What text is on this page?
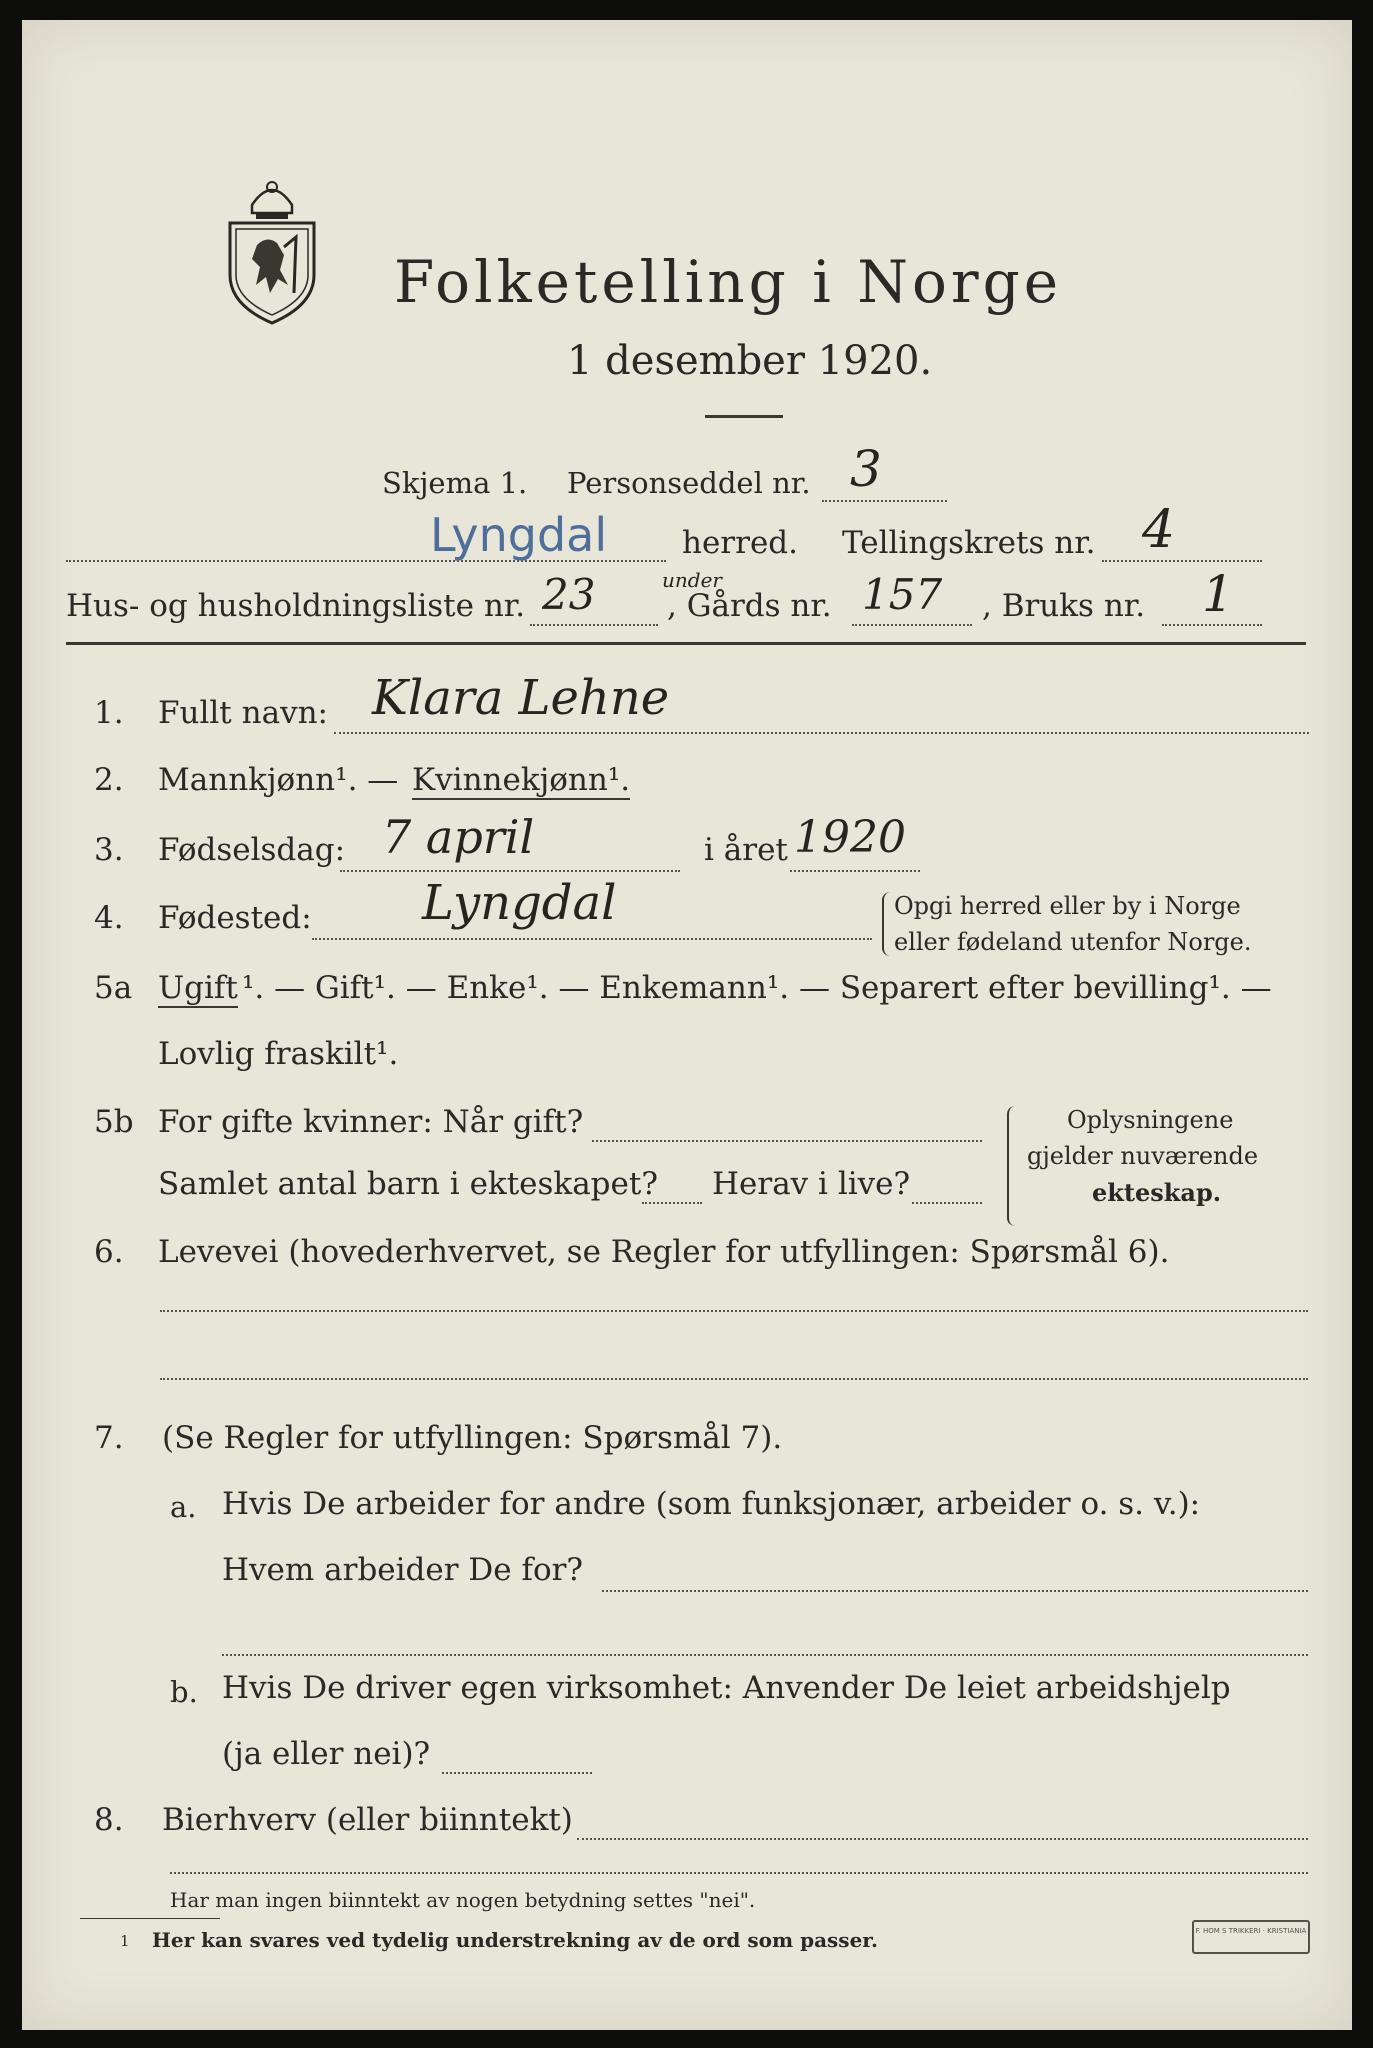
Folketelling i Norge
1 desember 1920.
Skjema 1. Personseddel nr. 3
Lyngdal herred. Tellingskrets nr. 4
Hus- og husholdningsliste nr. 23	under
, Gårds nr. 157 , Bruks nr. 1
1. Fullt navn: Klara Lehne
2. Mannkjønn¹. — Kvinnekjønn¹.
3. Fødselsdag: 7 april	i året 1920
4. Fødested: Lyngdal	Opgi herred eller by i Norge
eller fødeland utenfor Norge.
5a Ugift ¹. — Gift¹. — Enke¹. — Enkemann¹. — Separert efter bevilling¹. —
Lovlig fraskilt¹.
5b For gifte kvinner: Når gift?
Samlet antal barn i ekteskapet? Herav i live?
Oplysningene
gjelder nuværende
ekteskap.
6. Levevei (hovederhvervet, se Regler for utfyllingen: Spørsmål 6).
7. (Se Regler for utfyllingen: Spørsmål 7).
a. Hvis De arbeider for andre (som funksjonær, arbeider o. s. v.):
Hvem arbeider De for?
b. Hvis De driver egen virksomhet: Anvender De leiet arbeidshjelp
(ja eller nei)?
8. Bierhverv (eller biinntekt)
Har man ingen biinntekt av nogen betydning settes "nei".
1 Her kan svares ved tydelig understrekning av de ord som passer.	F. HOM S TRIKKERI · KRISTIANIA
